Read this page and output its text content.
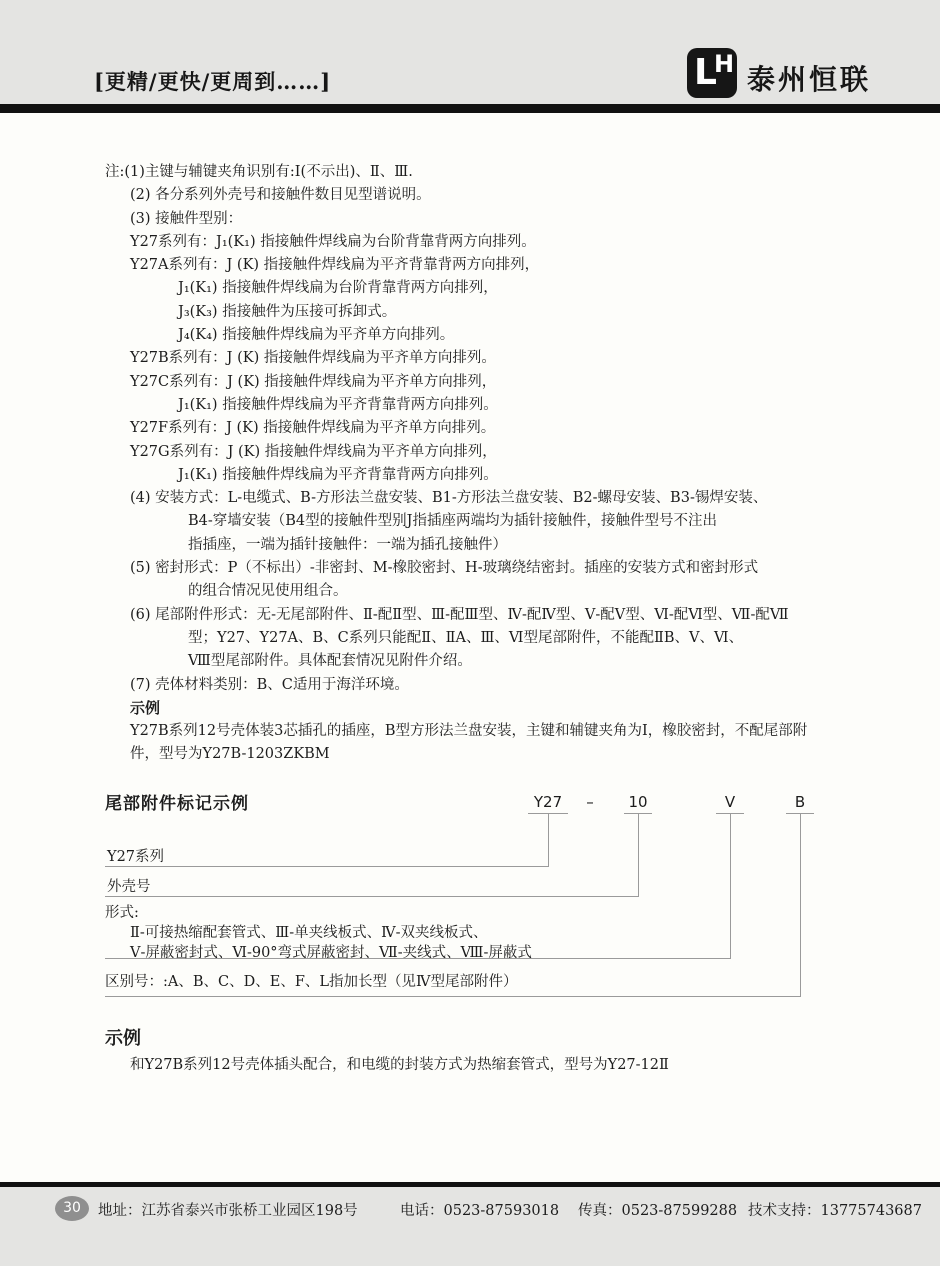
[更精/更快/更周到……]	L
H 泰州恒联
注:(1)主键与辅键夹角识别有:I(不示出)、Ⅱ、Ⅲ.
(2) 各分系列外壳号和接触件数目见型谱说明。
(3) 接触件型别：
Y27系列有：J₁(K₁) 指接触件焊线扁为台阶背靠背两方向排列。
Y27A系列有：J (K) 指接触件焊线扁为平齐背靠背两方向排列，
J₁(K₁) 指接触件焊线扁为台阶背靠背两方向排列，
J₃(K₃) 指接触件为压接可拆卸式。
J₄(K₄) 指接触件焊线扁为平齐单方向排列。
Y27B系列有：J (K) 指接触件焊线扁为平齐单方向排列。
Y27C系列有：J (K) 指接触件焊线扁为平齐单方向排列，
J₁(K₁) 指接触件焊线扁为平齐背靠背两方向排列。
Y27F系列有：J (K) 指接触件焊线扁为平齐单方向排列。
Y27G系列有：J (K) 指接触件焊线扁为平齐单方向排列，
J₁(K₁) 指接触件焊线扁为平齐背靠背两方向排列。
(4) 安装方式：L-电缆式、B-方形法兰盘安装、B1-方形法兰盘安装、B2-螺母安装、B3-锡焊安装、
B4-穿墙安装（B4型的接触件型别J指插座两端均为插针接触件，接触件型号不注出
指插座，一端为插针接触件：一端为插孔接触件）
(5) 密封形式：P（不标出）-非密封、M-橡胶密封、H-玻璃绕结密封。插座的安装方式和密封形式
的组合情况见使用组合。
(6) 尾部附件形式：无-无尾部附件、Ⅱ-配Ⅱ型、Ⅲ-配Ⅲ型、Ⅳ-配Ⅳ型、Ⅴ-配Ⅴ型、Ⅵ-配Ⅵ型、Ⅶ-配Ⅶ
型；Y27、Y27A、B、C系列只能配Ⅱ、ⅡA、Ⅲ、Ⅵ型尾部附件，不能配ⅡB、Ⅴ、Ⅵ、
Ⅷ型尾部附件。具体配套情况见附件介绍。
(7) 壳体材料类别：B、C适用于海洋环境。
示例
Y27B系列12号壳体装3芯插孔的插座，B型方形法兰盘安装，主键和辅键夹角为I，橡胶密封，不配尾部附
件，型号为Y27B-1203ZKBM
尾部附件标记示例	Y27	– 10	V	B
Y27系列
外壳号
形式:
Ⅱ-可接热缩配套管式、Ⅲ-单夹线板式、Ⅳ-双夹线板式、
Ⅴ-屏蔽密封式、Ⅵ-90°弯式屏蔽密封、Ⅶ-夹线式、Ⅷ-屏蔽式
区别号：:A、B、C、D、E、F、L指加长型（见Ⅳ型尾部附件）
示例
和Y27B系列12号壳体插头配合，和电缆的封装方式为热缩套管式，型号为Y27-12Ⅱ
30	地址：江苏省泰兴市张桥工业园区198号	电话：0523-87593018 传真：0523-87599288 技术支持：13775743687
